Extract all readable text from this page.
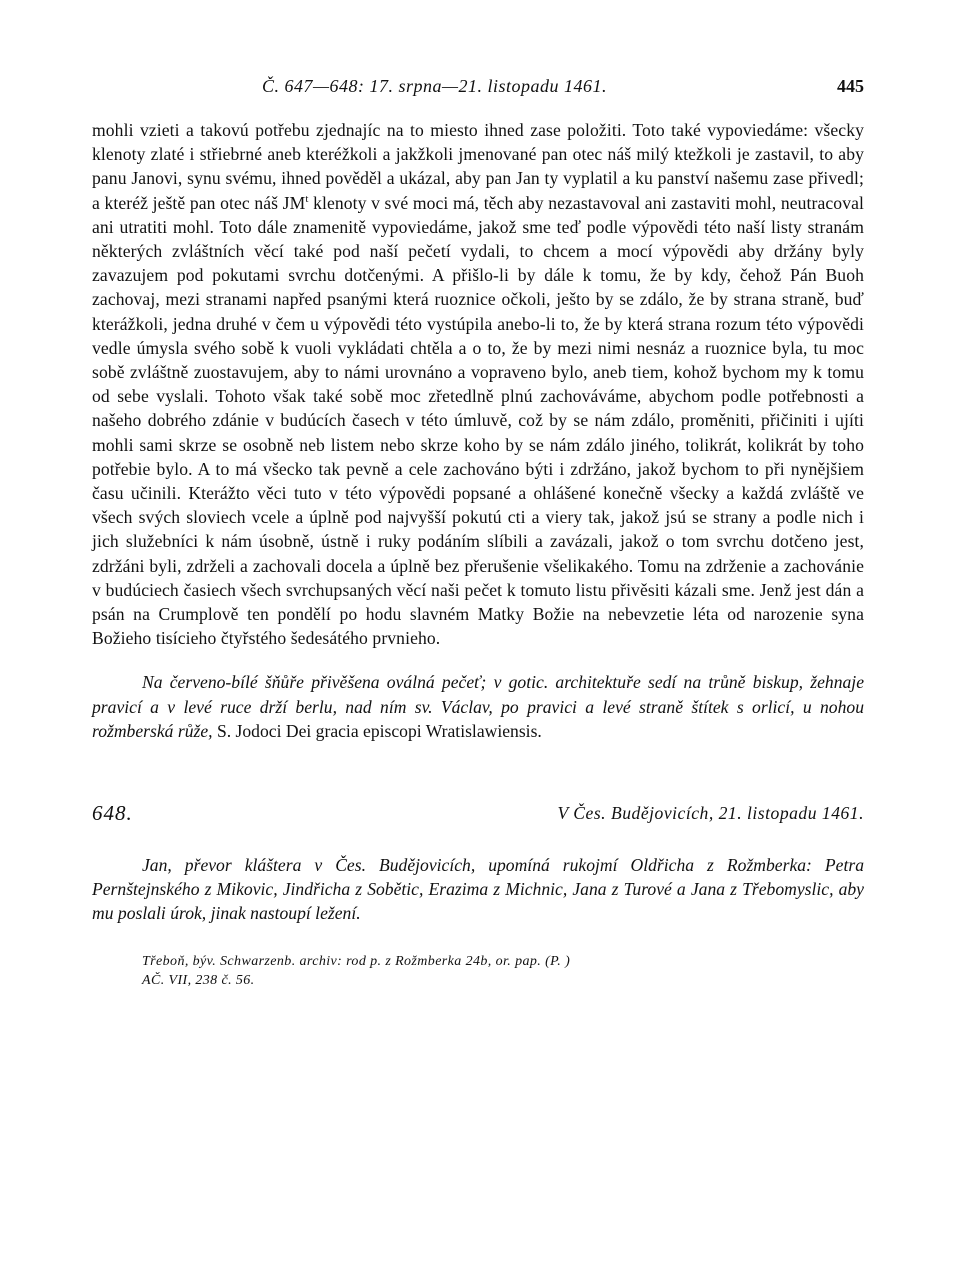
Č. 647—648: 17. srpna—21. listopadu 1461.	445

mohli vzieti a takovú potřebu zjednajíc na to miesto ihned zase položiti. Toto také vypoviedáme: všecky klenoty zlaté i střiebrné aneb kteréžkoli a jakžkoli jmenované pan otec náš milý ktežkoli je zastavil, to aby panu Janovi, synu svému, ihned pověděl a ukázal, aby pan Jan ty vyplatil a ku panství našemu zase přivedl; a kteréž ještě pan otec náš $JM^t$ klenoty v své moci má, těch aby nezastavoval ani zastaviti mohl, neutracoval ani utratiti mohl. Toto dále znamenitě vypoviedáme, jakož sme teď podle výpovědi této naší listy stranám některých zvláštních věcí také pod naší pečetí vydali, to chcem a mocí výpovědi aby držány byly zavazujem pod pokutami svrchu dotčenými. A přišlo-li by dále k tomu, že by kdy, čehož Pán Buoh zachovaj, mezi stranami napřed psanými která ruoznice očkoli, ješto by se zdálo, že by strana straně, buď kterážkoli, jedna druhé v čem u výpovědi této vystúpila anebo-li to, že by která strana rozum této výpovědi vedle úmysla svého sobě k vuoli vykládati chtěla a o to, že by mezi nimi nesnáz a ruoznice byla, tu moc sobě zvláštně zuostavujem, aby to námi urovnáno a vopraveno bylo, aneb tiem, kohož bychom my k tomu od sebe vyslali. Tohoto však také sobě moc zřetedlně plnú zachováváme, abychom podle potřebnosti a našeho dobrého zdánie v budúcích časech v této úmluvě, což by se nám zdálo, proměniti, přičiniti i ujíti mohli sami skrze se osobně neb listem nebo skrze koho by se nám zdálo jiného, tolikrát, kolikrát by toho potřebie bylo. A to má všecko tak pevně a cele zachováno býti i zdržáno, jakož bychom to při nynějšiem času učinili. Kterážto věci tuto v této výpovědi popsané a ohlášené konečně všecky a každá zvláště ve všech svých sloviech vcele a úplně pod najvyšší pokutú cti a viery tak, jakož jsú se strany a podle nich i jich služebníci k nám úsobně, ústně i ruky podáním slíbili a zavázali, jakož o tom svrchu dotčeno jest, zdržáni byli, zdrželi a zachovali docela a úplně bez přerušenie všelikakého. Tomu na zdrženie a zachovánie v budúciech časiech všech svrchupsaných věcí naši pečet k tomuto listu přivěsiti kázali sme. Jenž jest dán a psán na Crumplově ten pondělí po hodu slavném Matky Božie na nebevzetie léta od narozenie syna Božieho tisícieho čtyřstého šedesátého prvnieho.

Na červeno-bílé šňůře přivěšena oválná pečeť; v gotic. architektuře sedí na trůně biskup, žehnaje pravicí a v levé ruce drží berlu, nad ním sv. Václav, po pravici a levé straně štítek s orlicí, u nohou rožmberská růže, S. Jodoci Dei gracia episcopi Wratislawiensis.

648.	V Čes. Budějovicích, 21. listopadu 1461.

Jan, převor kláštera v Čes. Budějovicích, upomíná rukojmí Oldřicha z Rožmberka: Petra Pernštejnského z Mikovic, Jindřicha z Sobětic, Erazima z Michnic, Jana z Turové a Jana z Třebomyslic, aby mu poslali úrok, jinak nastoupí ležení.

Třeboň, býv. Schwarzenb. archiv: rod p. z Rožmberka 24b, or. pap. (P. )
AČ. VII, 238 č. 56.
